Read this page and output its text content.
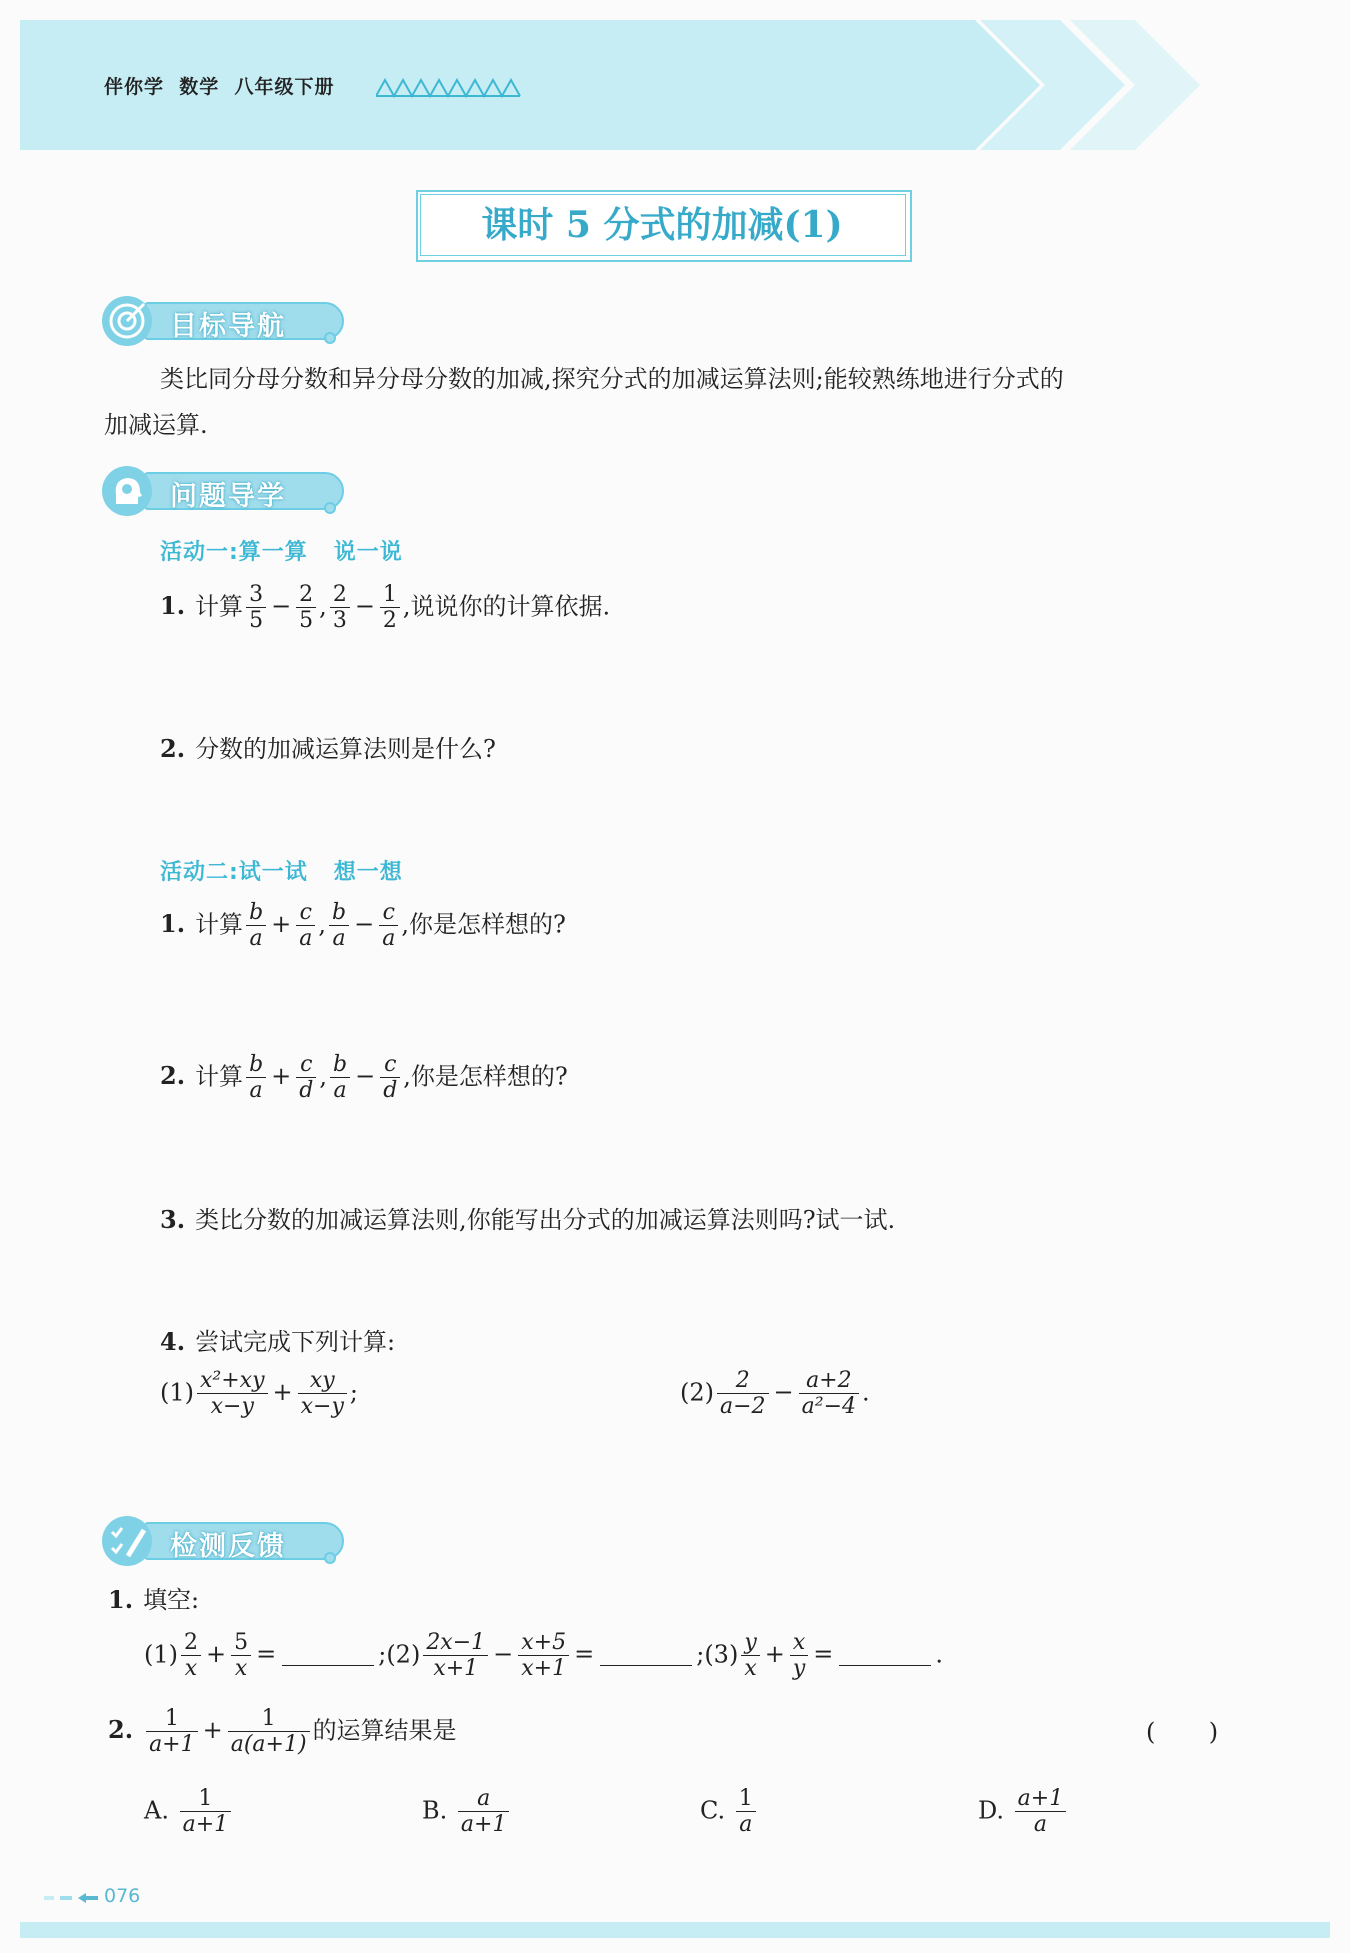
伴你学  数学  八年级下册
课时 5 分式的加减(1)
目标导航
类比同分母分数和异分母分数的加减,探究分式的加减运算法则;能较熟练地进行分式的
加减运算.
问题导学
活动一:算一算   说一说
1. 计算 $\frac{3}{5} - \frac{2}{5}$ , $\frac{2}{3} - \frac{1}{2}$ ,说说你的计算依据.
2. 分数的加减运算法则是什么?
活动二:试一试   想一想
1. 计算 $\frac{b}{a} + \frac{c}{a}$ , $\frac{b}{a} - \frac{c}{a}$ ,你是怎样想的?
2. 计算 $\frac{b}{a} + \frac{c}{d}$ , $\frac{b}{a} - \frac{c}{d}$ ,你是怎样想的?
3. 类比分数的加减运算法则,你能写出分式的加减运算法则吗?试一试.
4. 尝试完成下列计算:
$(1) \frac{\text{x²+xy}}{x-y} + \frac{xy}{x-y}$ ;	$(2) \frac{2}{a-2} - \frac{a+2}{\text{a²−4}}$ .
检测反馈
1. 填空:
$(1) \frac{2}{x} + \frac{5}{x}$ =	;(2) $\frac{2x-1}{x+1} - \frac{x+5}{x+1}$ =	;(3) $\frac{y}{x} + \frac{x}{y}$ =	.
2. $\frac{1}{a+1} + \frac{1}{a(a+1)}$ 的运算结果是	(       )
A. $\frac{1}{a+1}$	B. $\frac{a}{a+1}$	C. $\frac{1}{a}$	D. $\frac{a+1}{a}$
076
